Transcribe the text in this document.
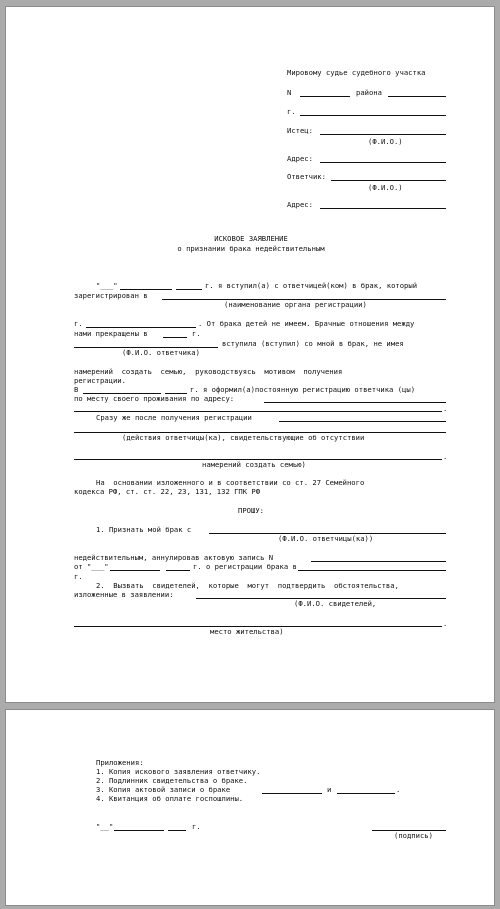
Мировому судье судебного участка
N	района
г.
Истец:
(Ф.И.О.)
Адрес:
Ответчик:
(Ф.И.О.)
Адрес:
ИСКОВОЕ ЗАЯВЛЕНИЕ
о признании брака недействительным
"___"	г. я вступил(а) с ответчицей(ком) в брак, который
зарегистрирован в
(наименование органа регистрации)
г.	. От брака детей не имеем. Брачные отношения между
нами прекращены в	г.
вступила (вступил) со мной в брак, не имея
(Ф.И.О. ответчика)
намерений  создать  семью,  руководствуясь  мотивом  получения
регистрации.
В	г. я оформил(а)постоянную регистрацию ответчика (цы)
по месту своего проживания по адресу:
.
Сразу же после получения регистрации
(действия ответчицы(ка), свидетельствующие об отсутствии
.
намерений создать семью)
На  основании изложенного и в соответствии со ст. 27 Семейного
кодекса РФ, ст. ст. 22, 23, 131, 132 ГПК РФ
ПРОШУ:
1. Признать мой брак с
(Ф.И.О. ответчицы(ка))
недействительным, аннулировав актовую запись N
от "___"	г. о регистрации брака в
г.
2.  Вызвать  свидетелей,  которые  могут  подтвердить  обстоятельства,
изложенные в заявлении:
(Ф.И.О. свидетелей,
.
место жительства)
Приложения:
1. Копия искового заявления ответчику.
2. Подлинник свидетельства о браке.
3. Копия актовой записи о браке	и	.
4. Квитанция об оплате госпошлины.
"__"	г.
(подпись)
